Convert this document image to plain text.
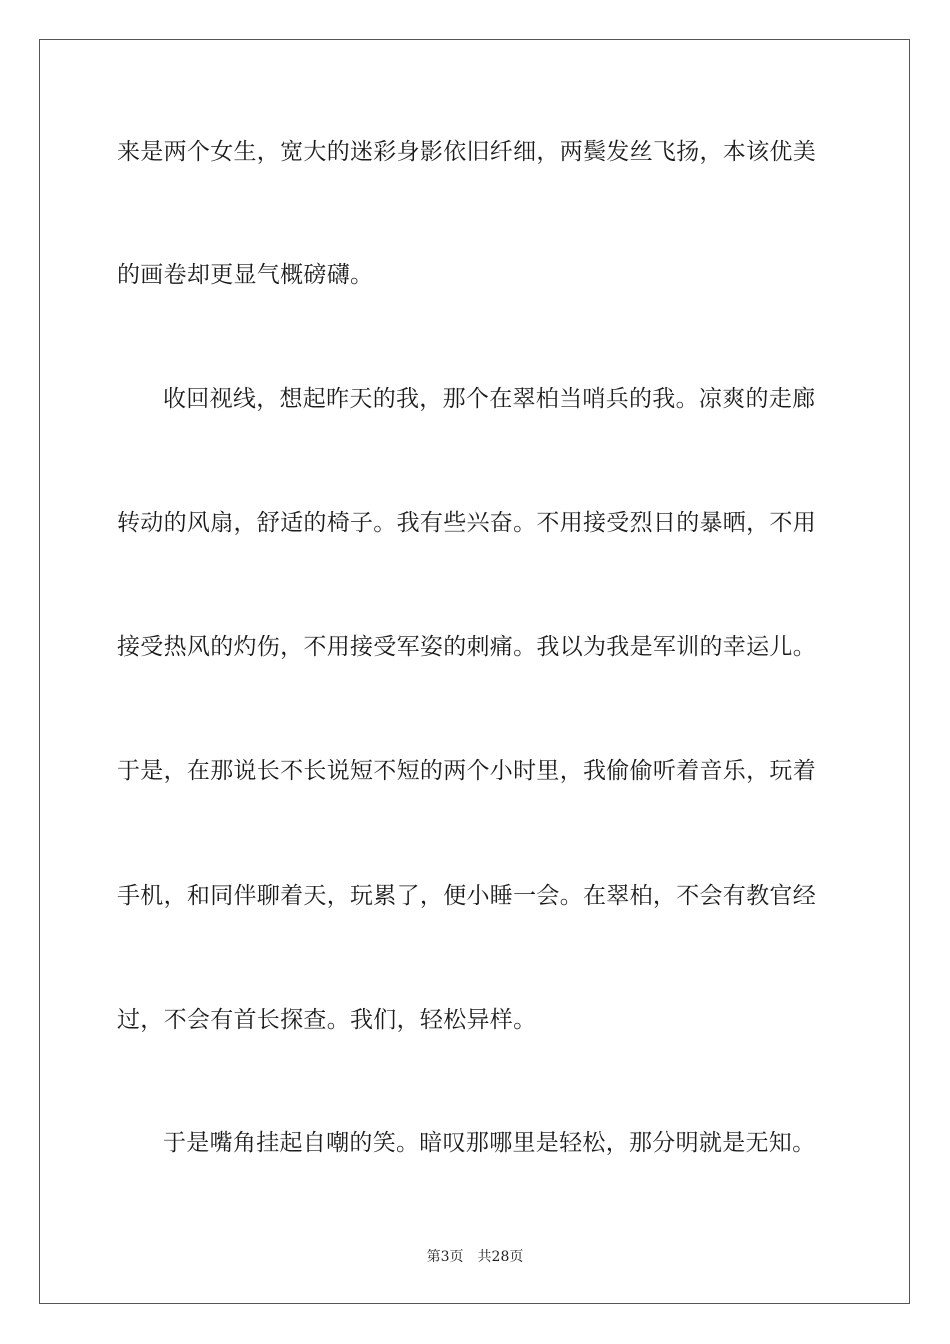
来是两个女生，宽大的迷彩身影依旧纤细，两鬓发丝飞扬，本该优美
的画卷却更显气概磅礴。
收回视线，想起昨天的我，那个在翠柏当哨兵的我。凉爽的走廊
转动的风扇，舒适的椅子。我有些兴奋。不用接受烈日的暴晒，不用
接受热风的灼伤，不用接受军姿的刺痛。我以为我是军训的幸运儿。
于是，在那说长不长说短不短的两个小时里，我偷偷听着音乐，玩着
手机，和同伴聊着天，玩累了，便小睡一会。在翠柏，不会有教官经
过，不会有首长探查。我们，轻松异样。
于是嘴角挂起自嘲的笑。暗叹那哪里是轻松，那分明就是无知。
第3页 共28页
